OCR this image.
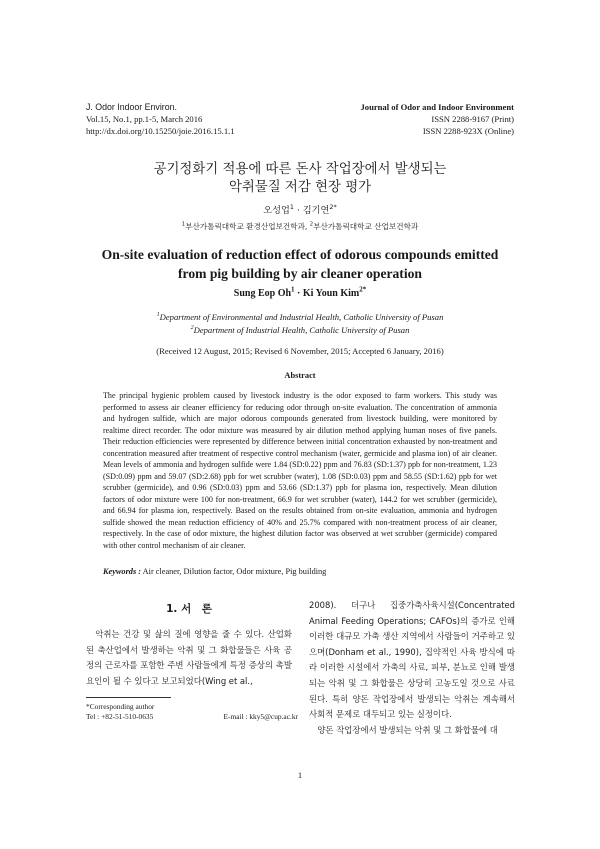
J. Odor Indoor Environ.
Vol.15, No.1, pp.1-5, March 2016
http://dx.doi.org/10.15250/joie.2016.15.1.1
Journal of Odor and Indoor Environment
ISSN 2288-9167 (Print)
ISSN 2288-923X (Online)
공기정화기 적용에 따른 돈사 작업장에서 발생되는
악취물질 저감 현장 평가
오성업$^1$ · 김기연$^{2*}$
$^1$부산가톨릭대학교 환경산업보건학과, $^2$부산가톨릭대학교 산업보건학과
On-site evaluation of reduction effect of odorous compounds emitted
from pig building by air cleaner operation
Sung Eop $Oh^1 \cdot Ki$ Youn Kim$^{2*}$
$^1$Department of Environmental and Industrial Health, Catholic University of Pusan
$^2$Department of Industrial Health, Catholic University of Pusan
(Received 12 August, 2015; Revised 6 November, 2015; Accepted 6 January, 2016)
Abstract
The principal hygienic problem caused by livestock industry is the odor exposed to farm workers. This study was performed to assess air cleaner efficiency for reducing odor through on-site evaluation. The concentration of ammonia and hydrogen sulfide, which are major odorous compounds generated from livestock building, were monitored by realtime direct recorder. The odor mixture was measured by air dilution method applying human noses of five panels. Their reduction efficiencies were represented by difference between initial concentration exhausted by non-treatment and concentration measured after treatment of respective control mechanism (water, germicide and plasma ion) of air cleaner. Mean levels of ammonia and hydrogen sulfide were 1.84 (SD:0.22) ppm and 76.83 (SD:1.37) ppb for non-treatment, 1.23 (SD:0.09) ppm and 59.07 (SD:2.68) ppb for wet scrubber (water), 1.08 (SD:0.03) ppm and 58.55 (SD:1.62) ppb for wet scrubber (germicide), and 0.96 (SD:0.03) ppm and 53.66 (SD:1.37) ppb for plasma ion, respectively. Mean dilution factors of odor mixture were 100 for non-treatment, 66.9 for wet scrubber (water), 144.2 for wet scrubber (germicide), and 66.94 for plasma ion, respectively. Based on the results obtained from on-site evaluation, ammonia and hydrogen sulfide showed the mean reduction efficiency of 40% and 25.7% compared with non-treatment process of air cleaner, respectively. In the case of odor mixture, the highest dilution factor was observed at wet scrubber (germicide) compared with other control mechanism of air cleaner.
Keywords : Air cleaner, Dilution factor, Odor mixture, Pig building
1. 서　론
　악취는 건강 및 삶의 질에 영향을 줄 수 있다. 산업화 된 축산업에서 발생하는 악취 및 그 화합물들은 사육 공정의 근로자를 포함한 주변 사람들에게 특정 증상의 촉발요인이 될 수 있다고 보고되었다(Wing et al.,
2008). 더구나 집중가축사육시설(Concentrated Animal Feeding Operations; CAFOs)의 증가로 인해 이러한 대규모 가축 생산 지역에서 사람들이 거주하고 있으며(Donham et al., 1990), 집약적인 사육 방식에 따라 이러한 시설에서 가축의 사료, 피부, 분뇨로 인해 발생되는 악취 및 그 화합물은 상당히 고농도일 것으로 사료된다. 특히 양돈 작업장에서 발생되는 악취는 계속해서 사회적 문제로 대두되고 있는 실정이다.
　양돈 작업장에서 발생되는 악취 및 그 화합물에 대
*Corresponding author
Tel : +82-51-510-0635	E-mail : kky5@cup.ac.kr
1
